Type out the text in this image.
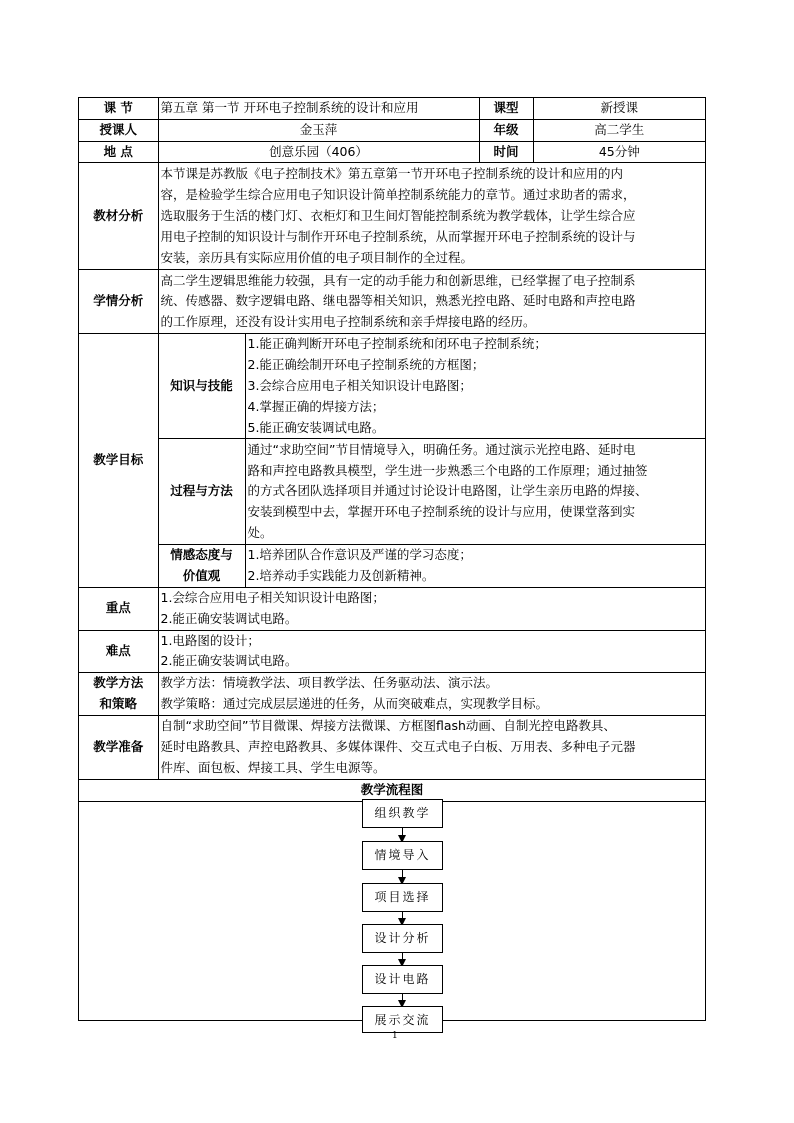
课 节	第五章 第一节 开环电子控制系统的设计和应用		课型	新授课
授课人	金玉萍		年级	高二学生
地 点	创意乐园（406）		时间	45分钟
教材分析	本节课是苏教版《电子控制技术》第五章第一节开环电子控制系统的设计和应用的内
容，是检验学生综合应用电子知识设计简单控制系统能力的章节。通过求助者的需求，
选取服务于生活的楼门灯、衣柜灯和卫生间灯智能控制系统为教学载体，让学生综合应
用电子控制的知识设计与制作开环电子控制系统，从而掌握开环电子控制系统的设计与
安装，亲历具有实际应用价值的电子项目制作的全过程。			

学情分析	高二学生逻辑思维能力较强，具有一定的动手能力和创新思维，已经掌握了电子控制系
统、传感器、数字逻辑电路、继电器等相关知识，熟悉光控电路、延时电路和声控电路
的工作原理，还没有设计实用电子控制系统和亲手焊接电路的经历。			

教学目标	知识与技能	1.能正确判断开环电子控制系统和闭环电子控制系统；
2.能正确绘制开环电子控制系统的方框图；
3.会综合应用电子相关知识设计电路图；
4.掌握正确的焊接方法；
5.能正确安装调试电路。		

	过程与方法	通过“求助空间”节目情境导入，明确任务。通过演示光控电路、延时电
路和声控电路教具模型，学生进一步熟悉三个电路的工作原理；通过抽签
的方式各团队选择项目并通过讨论设计电路图，让学生亲历电路的焊接、
安装到模型中去，掌握开环电子控制系统的设计与应用，使课堂落到实
处。		

	情感态度与
价值观	1.培养团队合作意识及严谨的学习态度；
2.培养动手实践能力及创新精神。		

重点	1.会综合应用电子相关知识设计电路图；
2.能正确安装调试电路。			

难点	1.电路图的设计；
2.能正确安装调试电路。			

教学方法
和策略	教学方法：情境教学法、项目教学法、任务驱动法、演示法。
教学策略：通过完成层层递进的任务，从而突破难点，实现教学目标。			

教学准备	自制“求助空间”节目微课、焊接方法微课、方框图flash动画、自制光控电路教具、
延时电路教具、声控电路教具、多媒体课件、交互式电子白板、万用表、多种电子元器
件库、面包板、焊接工具、学生电源等。			

教学流程图				
组织教学
情境导入
项目选择
设计分析
设计电路
展示交流
1
